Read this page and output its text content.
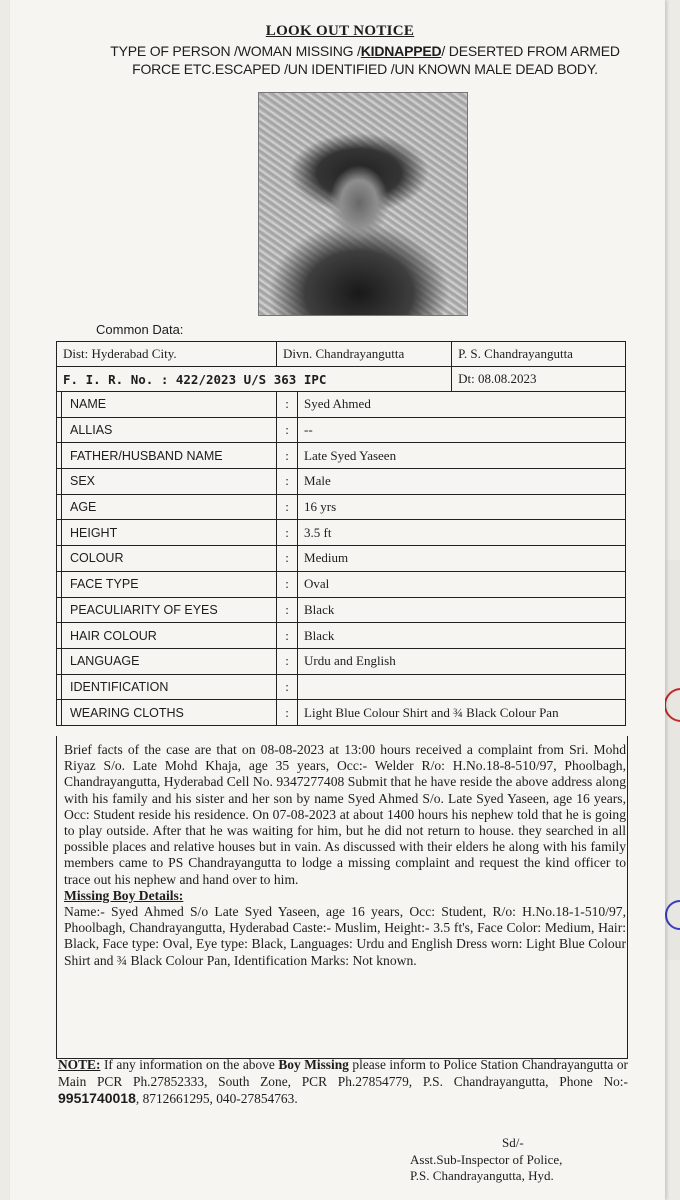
LOOK OUT NOTICE
TYPE OF PERSON /WOMAN MISSING /KIDNAPPED/ DESERTED FROM ARMED FORCE ETC.ESCAPED /UN IDENTIFIED /UN KNOWN MALE DEAD BODY.
Common Data:
Dist: Hyderabad City.		Divn. Chandrayangutta		P. S. Chandrayangutta
F. I. R. No. : 422/2023 U/S 363 IPC				Dt: 08.08.2023
	NAME	:	Syed Ahmed	
	ALLIAS	:	--	
	FATHER/HUSBAND NAME	:	Late Syed Yaseen	
	SEX	:	Male	
	AGE	:	16 yrs	
	HEIGHT	:	3.5 ft	
	COLOUR	:	Medium	
	FACE TYPE	:	Oval	
	PEACULIARITY OF EYES	:	Black	
	HAIR COLOUR	:	Black	
	LANGUAGE	:	Urdu and English	
	IDENTIFICATION	:		
	WEARING CLOTHS	:	Light Blue Colour Shirt and ¾ Black Colour Pan	

Brief facts of the case are that on 08-08-2023 at 13:00 hours received a complaint from Sri. Mohd Riyaz S/o. Late Mohd Khaja, age 35 years, Occ:- Welder R/o: H.No.18-8-510/97, Phoolbagh, Chandrayangutta, Hyderabad Cell No. 9347277408 Submit that he have reside the above address along with his family and his sister and her son by name Syed Ahmed S/o. Late Syed Yaseen, age 16 years, Occ: Student reside his residence. On 07-08-2023 at about 1400 hours his nephew told that he is going to play outside. After that he was waiting for him, but he did not return to house. they searched in all possible places and relative houses but in vain. As discussed with their elders he along with his family members came to PS Chandrayangutta to lodge a missing complaint and request the kind officer to trace out his nephew and hand over to him.

Missing Boy Details:

Name:- Syed Ahmed S/o Late Syed Yaseen, age 16 years, Occ: Student, R/o: H.No.18-1-510/97, Phoolbagh, Chandrayangutta, Hyderabad Caste:- Muslim, Height:- 3.5 ft's, Face Color: Medium, Hair: Black, Face type: Oval, Eye type: Black, Languages: Urdu and English Dress worn: Light Blue Colour Shirt and ¾ Black Colour Pan, Identification Marks: Not known.

NOTE: If any information on the above Boy Missing please inform to Police Station Chandrayangutta or Main PCR Ph.27852333, South Zone, PCR Ph.27854779, P.S. Chandrayangutta, Phone No:- 9951740018, 8712661295, 040-27854763.
Sd/-
Asst.Sub-Inspector of Police,
P.S. Chandrayangutta, Hyd.
